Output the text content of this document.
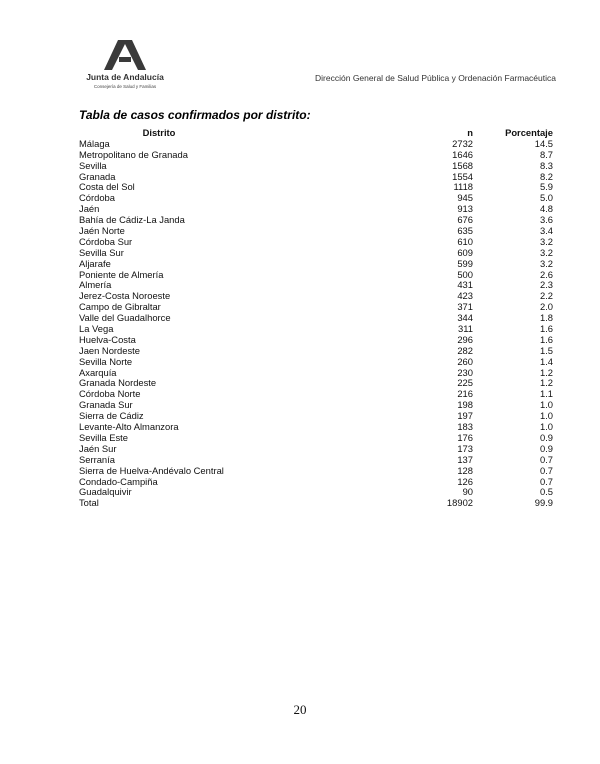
Junta de Andalucía
Consejería de Salud y Familias
Dirección General de Salud Pública y Ordenación Farmacéutica
Tabla de casos confirmados por distrito:
Distrito	n	Porcentaje
Málaga	2732	14.5
Metropolitano de Granada	1646	8.7
Sevilla	1568	8.3
Granada	1554	8.2
Costa del Sol	1118	5.9
Córdoba	945	5.0
Jaén	913	4.8
Bahía de Cádiz-La Janda	676	3.6
Jaén Norte	635	3.4
Córdoba Sur	610	3.2
Sevilla Sur	609	3.2
Aljarafe	599	3.2
Poniente de Almería	500	2.6
Almería	431	2.3
Jerez-Costa Noroeste	423	2.2
Campo de Gibraltar	371	2.0
Valle del Guadalhorce	344	1.8
La Vega	311	1.6
Huelva-Costa	296	1.6
Jaen Nordeste	282	1.5
Sevilla Norte	260	1.4
Axarquía	230	1.2
Granada Nordeste	225	1.2
Córdoba Norte	216	1.1
Granada Sur	198	1.0
Sierra de Cádiz	197	1.0
Levante-Alto Almanzora	183	1.0
Sevilla Este	176	0.9
Jaén Sur	173	0.9
Serranía	137	0.7
Sierra de Huelva-Andévalo Central	128	0.7
Condado-Campiña	126	0.7
Guadalquivir	90	0.5
Total	18902	99.9
20
